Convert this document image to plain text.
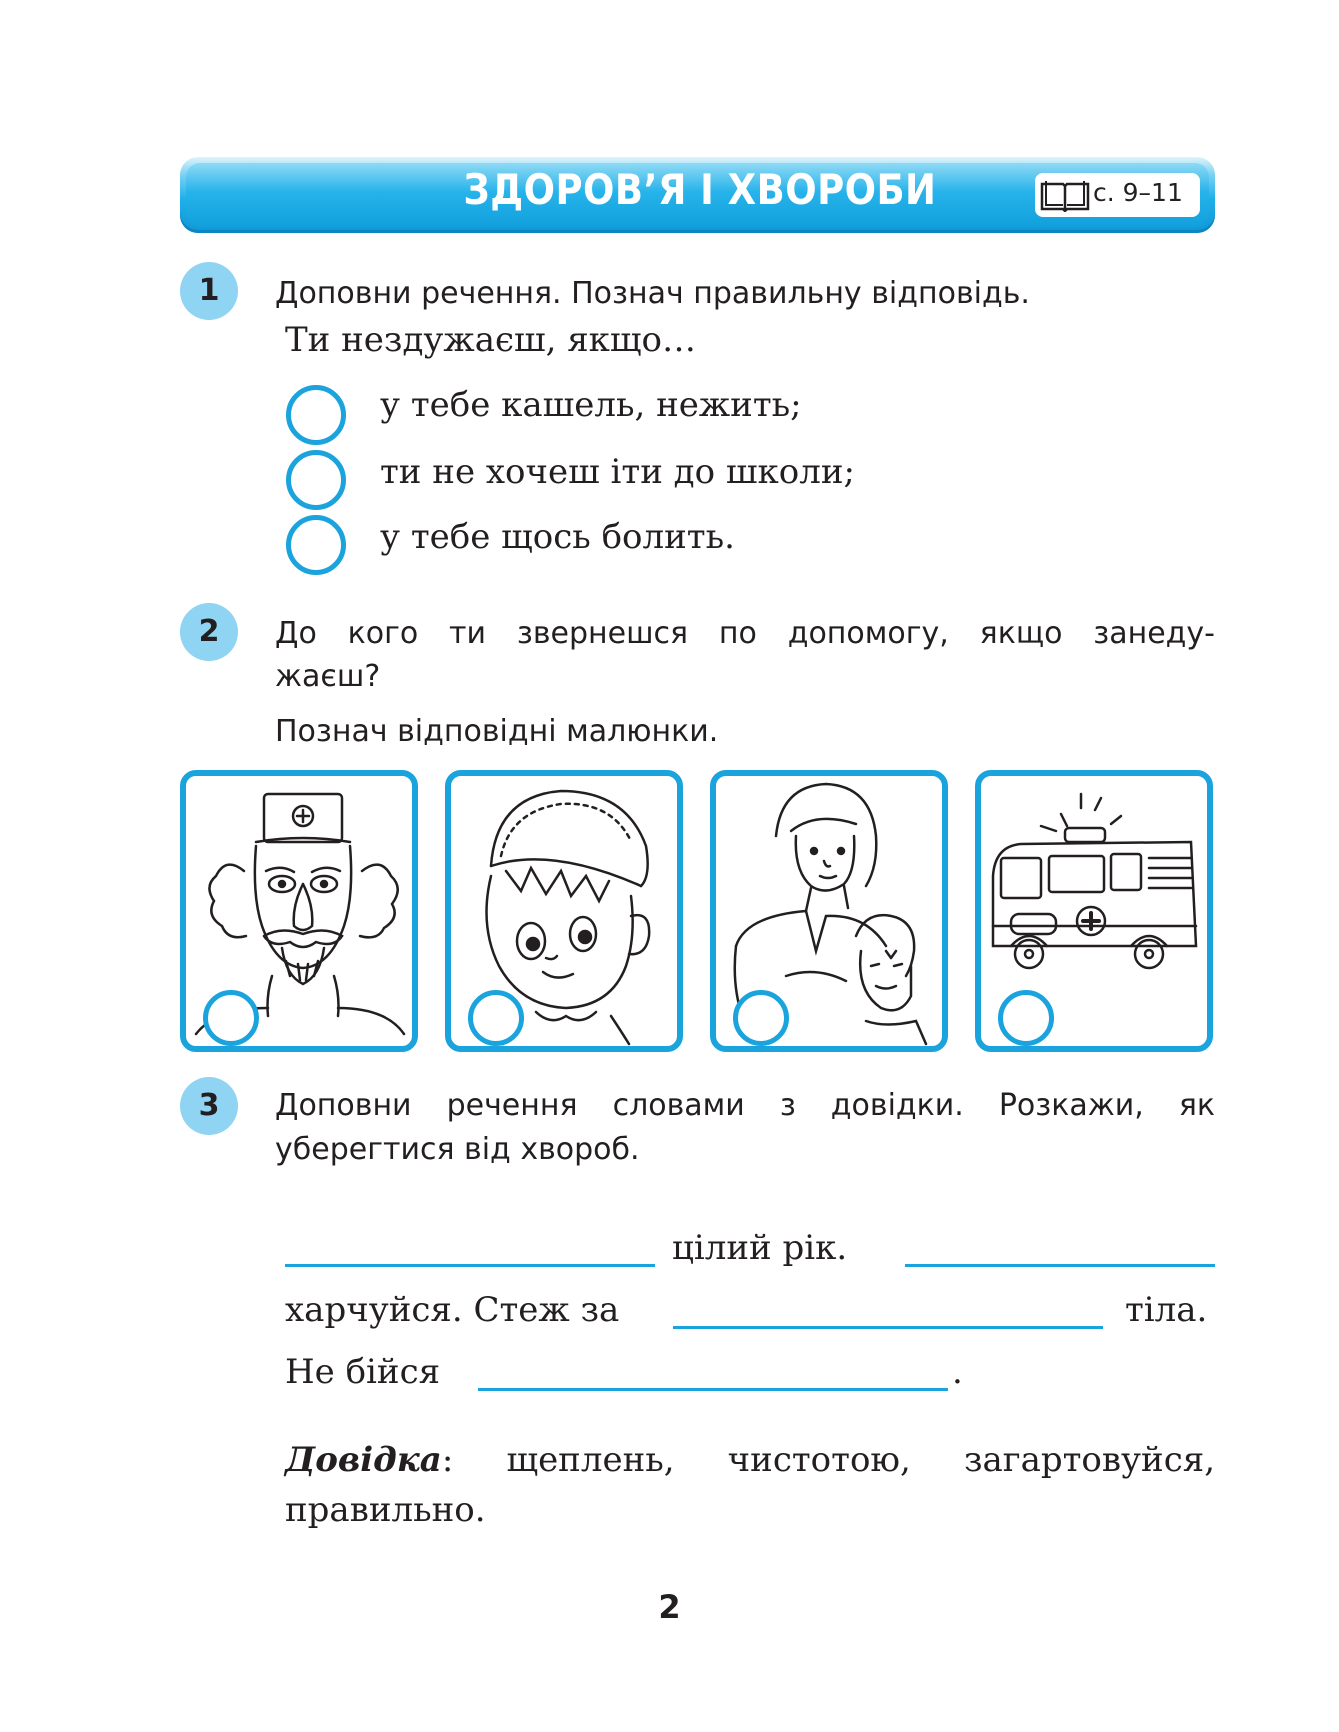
ЗДОРОВ’Я І ХВОРОБИ	с. 9–11
1	Доповни речення. Познач правильну відповідь.
Ти нездужаєш, якщо…
у тебе кашель, нежить;
ти не хочеш іти до школи;
у тебе щось болить.
2	До кого ти звернешся по допомогу, якщо занеду-
жаєш?
Познач відповідні малюнки.
3	Доповни речення словами з довідки. Розкажи, як
уберегтися від хвороб.
цілий рік.
харчуйся. Стеж за	тіла.
Не бійся	.
Довідка: щеплень, чистотою, загартовуйся,
правильно.
2
